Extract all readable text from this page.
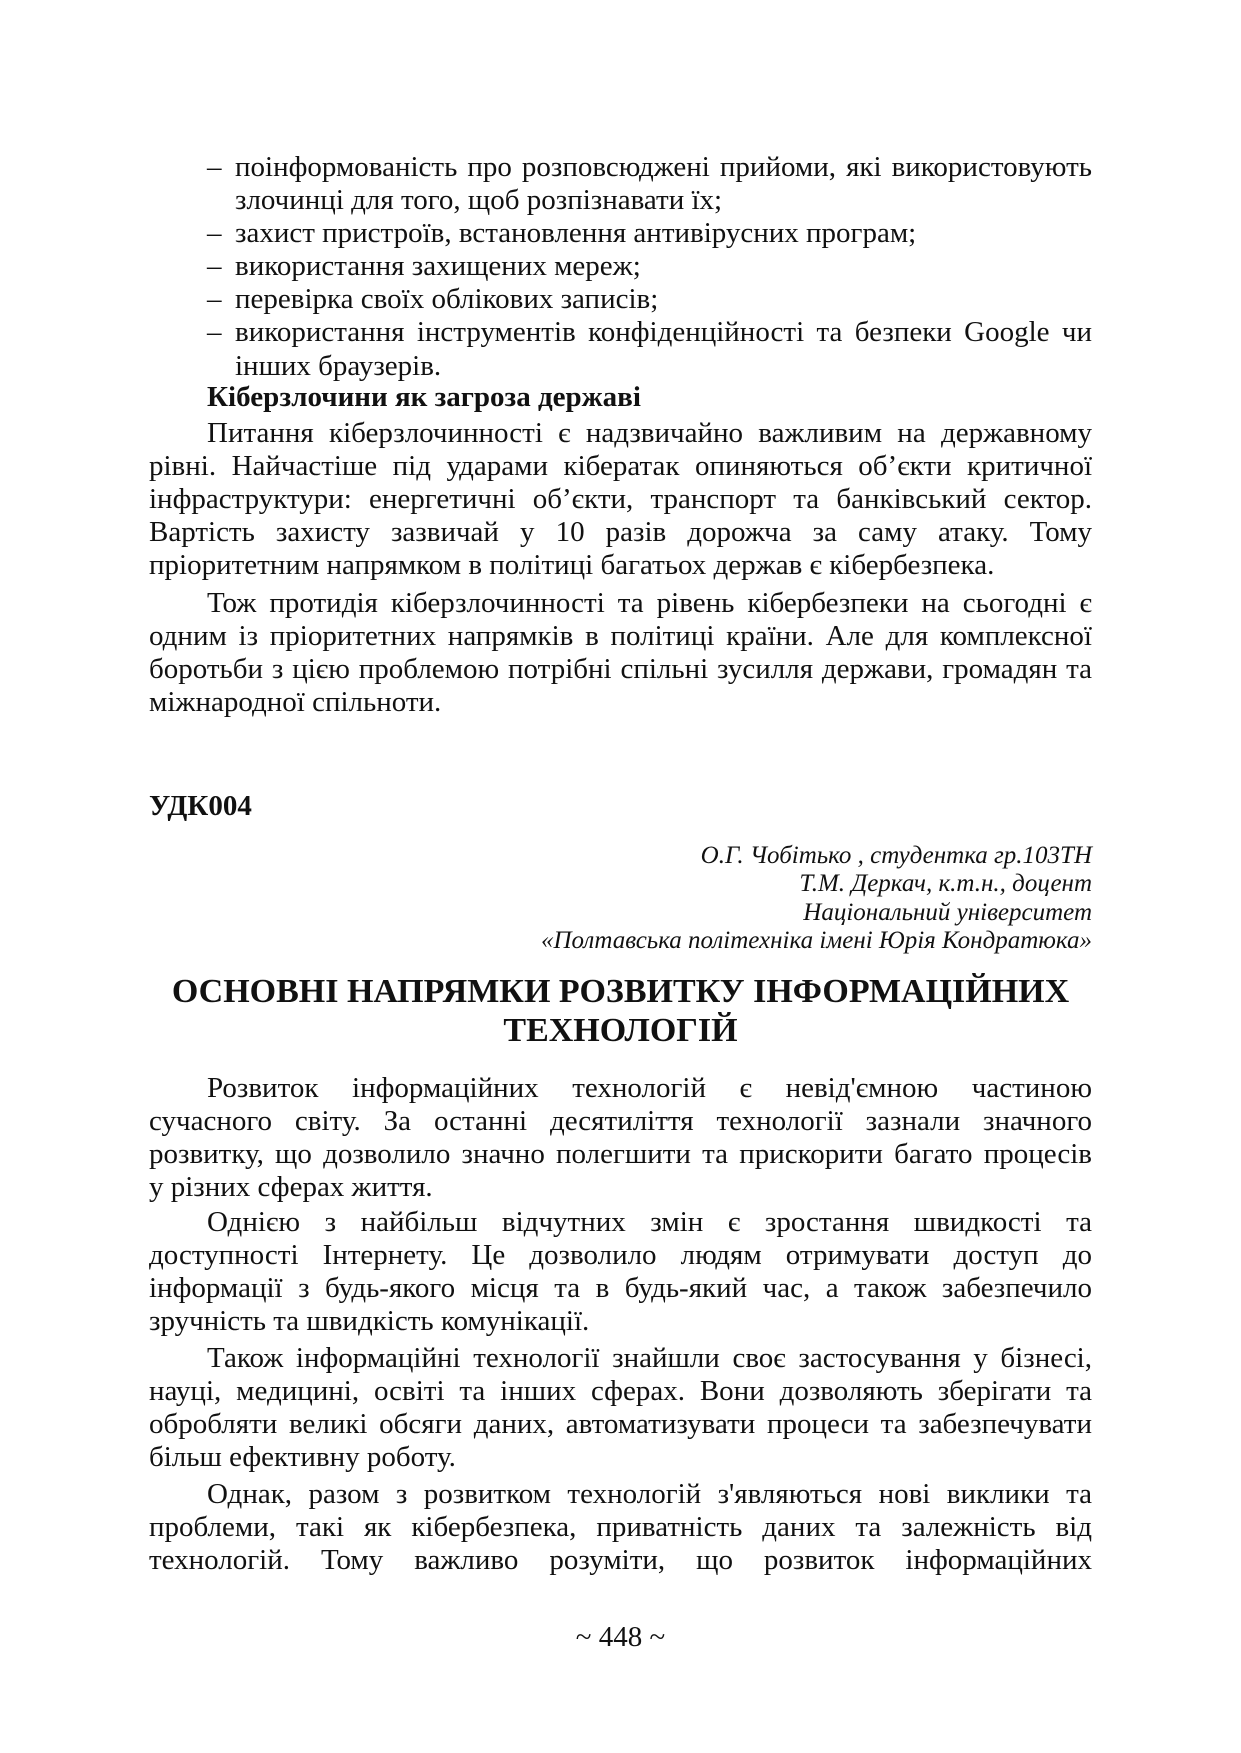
– поінформованість про розповсюджені прийоми, які використовують
злочинці для того, щоб розпізнавати їх;
– захист пристроїв, встановлення антивірусних програм;
– використання захищених мереж;
– перевірка своїх облікових записів;
– використання інструментів конфіденційності та безпеки Google чи
інших браузерів.
Кіберзлочини як загроза державі
Питання кіберзлочинності є надзвичайно важливим на державному
рівні. Найчастіше під ударами кібератак опиняються об’єкти критичної
інфраструктури: енергетичні об’єкти, транспорт та банківський сектор.
Вартість захисту зазвичай у 10 разів дорожча за саму атаку. Тому
пріоритетним напрямком в політиці багатьох держав є кібербезпека.
Тож протидія кіберзлочинності та рівень кібербезпеки на сьогодні є
одним із пріоритетних напрямків в політиці країни. Але для комплексної
боротьби з цією проблемою потрібні спільні зусилля держави, громадян та
міжнародної спільноти.
УДК004
О.Г. Чобітько , студентка гр.103ТН
Т.М. Деркач, к.т.н., доцент
Національний університет
«Полтавська політехніка імені Юрія Кондратюка»
ОСНОВНІ НАПРЯМКИ РОЗВИТКУ ІНФОРМАЦІЙНИХ
ТЕХНОЛОГІЙ
Розвиток інформаційних технологій є невід'ємною частиною
сучасного світу. За останні десятиліття технології зазнали значного
розвитку, що дозволило значно полегшити та прискорити багато процесів
у різних сферах життя.
Однією з найбільш відчутних змін є зростання швидкості та
доступності Інтернету. Це дозволило людям отримувати доступ до
інформації з будь-якого місця та в будь-який час, а також забезпечило
зручність та швидкість комунікації.
Також інформаційні технології знайшли своє застосування у бізнесі,
науці, медицині, освіті та інших сферах. Вони дозволяють зберігати та
обробляти великі обсяги даних, автоматизувати процеси та забезпечувати
більш ефективну роботу.
Однак, разом з розвитком технологій з'являються нові виклики та
проблеми, такі як кібербезпека, приватність даних та залежність від
технологій. Тому важливо розуміти, що розвиток інформаційних
~ 448 ~
